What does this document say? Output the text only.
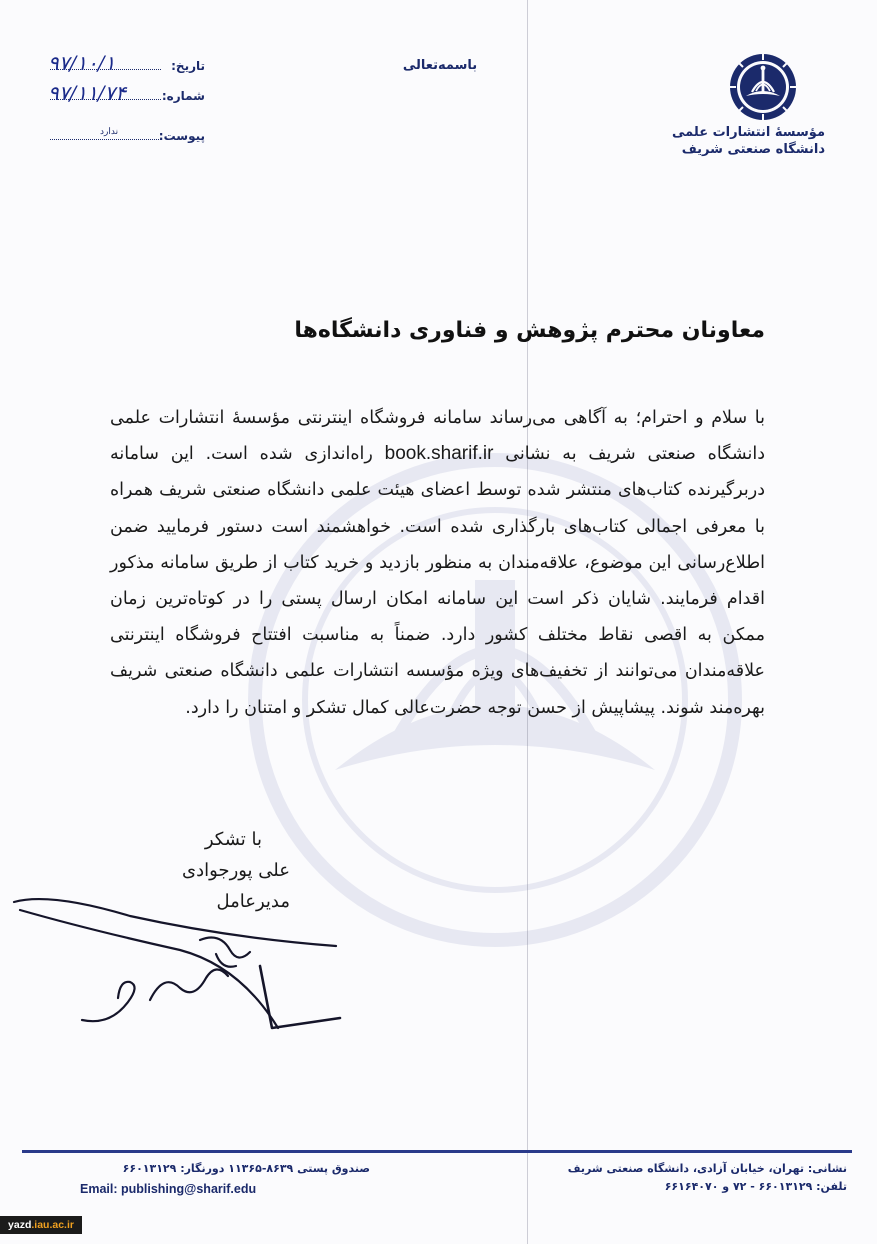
مؤسسهٔ انتشارات علمی
دانشگاه صنعتی شریف
باسمه‌تعالی
تاریخ:
۹۷/۱۰/۱
شماره:
۹۷/۱۱/۷۴
پیوست:
ندارد
معاونان محترم پژوهش و فناوری دانشگاه‌ها
با سلام و احترام؛ به آگاهی می‌رساند سامانه فروشگاه اینترنتی مؤسسهٔ انتشارات علمی دانشگاه صنعتی شریف به نشانی book.sharif.ir راه‌اندازی شده است. این سامانه دربرگیرنده کتاب‌های منتشر شده توسط اعضای هیئت علمی دانشگاه صنعتی شریف همراه با معرفی اجمالی کتاب‌های بارگذاری شده است. خواهشمند است دستور فرمایید ضمن اطلاع‌رسانی این موضوع، علاقه‌مندان به منظور بازدید و خرید کتاب از طریق سامانه مذکور اقدام فرمایند. شایان ذکر است این سامانه امکان ارسال پستی را در کوتاه‌ترین زمان ممکن به اقصی نقاط مختلف کشور دارد. ضمناً به مناسبت افتتاح فروشگاه اینترنتی علاقه‌مندان می‌توانند از تخفیف‌های ویژه مؤسسه انتشارات علمی دانشگاه صنعتی شریف بهره‌مند شوند. پیشاپیش از حسن توجه حضرت‌عالی کمال تشکر و امتنان را دارد.
با تشکر
علی پورجوادی
مدیرعامل
نشانی: تهران، خیابان آزادی، دانشگاه صنعتی شریف
تلفن: ۶۶۰۱۳۱۲۹ - ۷۲ و ۶۶۱۶۴۰۷۰
صندوق پستی ۸۶۳۹-۱۱۳۶۵ دورنگار: ۶۶۰۱۳۱۲۹
Email: publishing@sharif.edu
yazd.iau.ac.ir
